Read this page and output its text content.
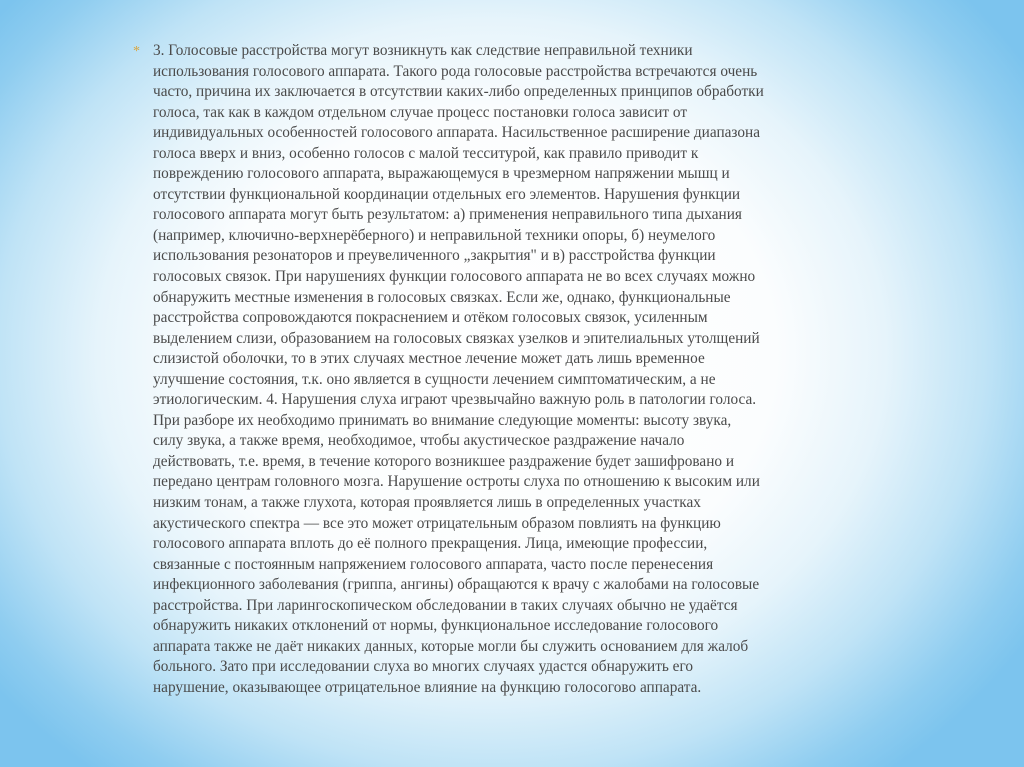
* 3. Голосовые расстройства могут возникнуть как следствие неправильной техники
использования голосового аппарата. Такого рода голосовые расстройства встречаются очень
часто, причина их заключается в отсутствии каких-либо определенных принципов обработки
голоса, так как в каждом отдельном случае процесс постановки голоса зависит от
индивидуальных особенностей голосового аппарата. Насильственное расширение диапазона
голоса вверх и вниз, особенно голосов с малой тесситурой, как правило приводит к
повреждению голосового аппарата, выражающемуся в чрезмерном напряжении мышц и
отсутствии функциональной координации отдельных его элементов. Нарушения функции
голосового аппарата могут быть результатом: а) применения неправильного типа дыхания
(например, ключично-верхнерёберного) и неправильной техники опоры, б) неумелого
использования резонаторов и преувеличенного „закрытия" и в) расстройства функции
голосовых связок. При нарушениях функции голосового аппарата не во всех случаях можно
обнаружить местные изменения в голосовых связках. Если же, однако, функциональные
расстройства сопровождаются покраснением и отёком голосовых связок, усиленным
выделением слизи, образованием на голосовых связках узелков и эпителиальных утолщений
слизистой оболочки, то в этих случаях местное лечение может дать лишь временное
улучшение состояния, т.к. оно является в сущности лечением симптоматическим, а не
этиологическим. 4. Нарушения слуха играют чрезвычайно важную роль в патологии голоса.
При разборе их необходимо принимать во внимание следующие моменты: высоту звука,
силу звука, а также время, необходимое, чтобы акустическое раздражение начало
действовать, т.е. время, в течение которого возникшее раздражение будет зашифровано и
передано центрам головного мозга. Нарушение остроты слуха по отношению к высоким или
низким тонам, а также глухота, которая проявляется лишь в определенных участках
акустического спектра — все это может отрицательным образом повлиять на функцию
голосового аппарата вплоть до её полного прекращения. Лица, имеющие профессии,
связанные с постоянным напряжением голосового аппарата, часто после перенесения
инфекционного заболевания (гриппа, ангины) обращаются к врачу с жалобами на голосовые
расстройства. При ларингоскопическом обследовании в таких случаях обычно не удаётся
обнаружить никаких отклонений от нормы, функциональное исследование голосового
аппарата также не даёт никаких данных, которые могли бы служить основанием для жалоб
больного. Зато при исследовании слуха во многих случаях удастся обнаружить его
нарушение, оказывающее отрицательное влияние на функцию голосогово аппарата.
